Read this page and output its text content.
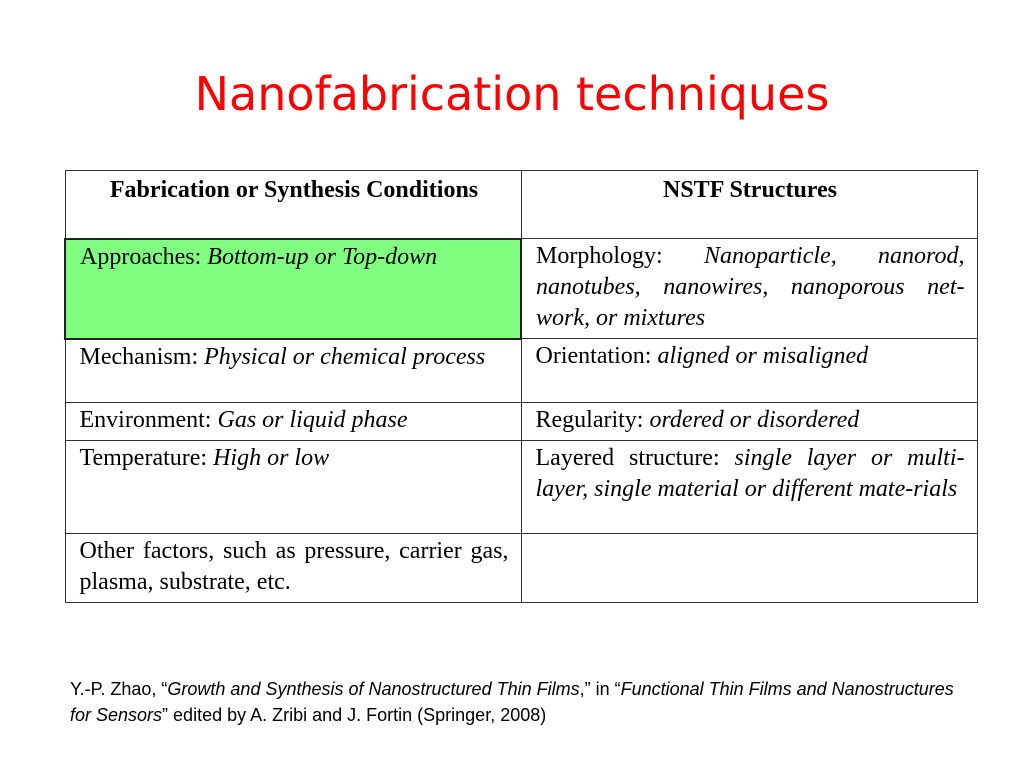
Nanofabrication techniques
Fabrication or Synthesis Conditions	NSTF Structures
Approaches: Bottom-up or Top-down	Morphology: Nanoparticle, nanorod, nanotubes, nanowires, nanoporous net-work, or mixtures
Mechanism: Physical or chemical process	Orientation: aligned or misaligned
Environment: Gas or liquid phase	Regularity: ordered or disordered
Temperature: High or low	Layered structure: single layer or multi-layer, single material or different mate-rials
Other factors, such as pressure, carrier gas, plasma, substrate, etc.	
Y.-P. Zhao, “Growth and Synthesis of Nanostructured Thin Films,” in “Functional Thin Films and Nanostructures for Sensors” edited by A. Zribi and J. Fortin (Springer, 2008)
